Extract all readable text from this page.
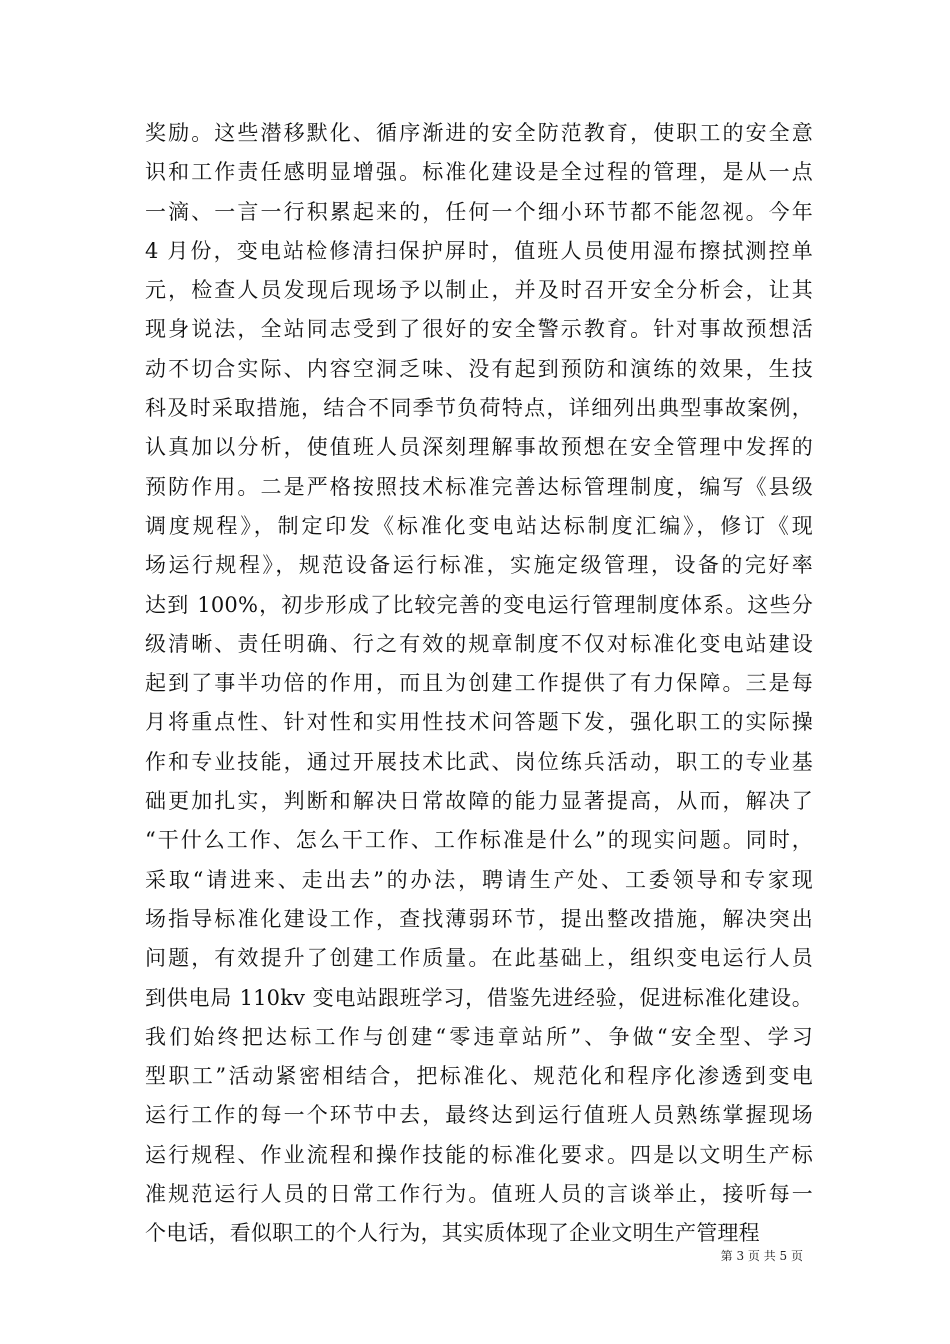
奖励。这些潜移默化、循序渐进的安全防范教育，使职工的安全意
识和工作责任感明显增强。标准化建设是全过程的管理，是从一点
一滴、一言一行积累起来的，任何一个细小环节都不能忽视。今年
4 月份，变电站检修清扫保护屏时，值班人员使用湿布擦拭测控单
元，检查人员发现后现场予以制止，并及时召开安全分析会，让其
现身说法，全站同志受到了很好的安全警示教育。针对事故预想活
动不切合实际、内容空洞乏味、没有起到预防和演练的效果，生技
科及时采取措施，结合不同季节负荷特点，详细列出典型事故案例，
认真加以分析，使值班人员深刻理解事故预想在安全管理中发挥的
预防作用。二是严格按照技术标准完善达标管理制度，编写《县级
调度规程》，制定印发《标准化变电站达标制度汇编》，修订《现
场运行规程》，规范设备运行标准，实施定级管理，设备的完好率
达到 100%，初步形成了比较完善的变电运行管理制度体系。这些分
级清晰、责任明确、行之有效的规章制度不仅对标准化变电站建设
起到了事半功倍的作用，而且为创建工作提供了有力保障。三是每
月将重点性、针对性和实用性技术问答题下发，强化职工的实际操
作和专业技能，通过开展技术比武、岗位练兵活动，职工的专业基
础更加扎实，判断和解决日常故障的能力显著提高，从而，解决了
“干什么工作、怎么干工作、工作标准是什么”的现实问题。同时，
采取“请进来、走出去”的办法，聘请生产处、工委领导和专家现
场指导标准化建设工作，查找薄弱环节，提出整改措施，解决突出
问题，有效提升了创建工作质量。在此基础上，组织变电运行人员
到供电局 110kv 变电站跟班学习，借鉴先进经验，促进标准化建设。
我们始终把达标工作与创建“零违章站所”、争做“安全型、学习
型职工”活动紧密相结合，把标准化、规范化和程序化渗透到变电
运行工作的每一个环节中去，最终达到运行值班人员熟练掌握现场
运行规程、作业流程和操作技能的标准化要求。四是以文明生产标
准规范运行人员的日常工作行为。值班人员的言谈举止，接听每一
个电话，看似职工的个人行为，其实质体现了企业文明生产管理程
第 3 页 共 5 页
